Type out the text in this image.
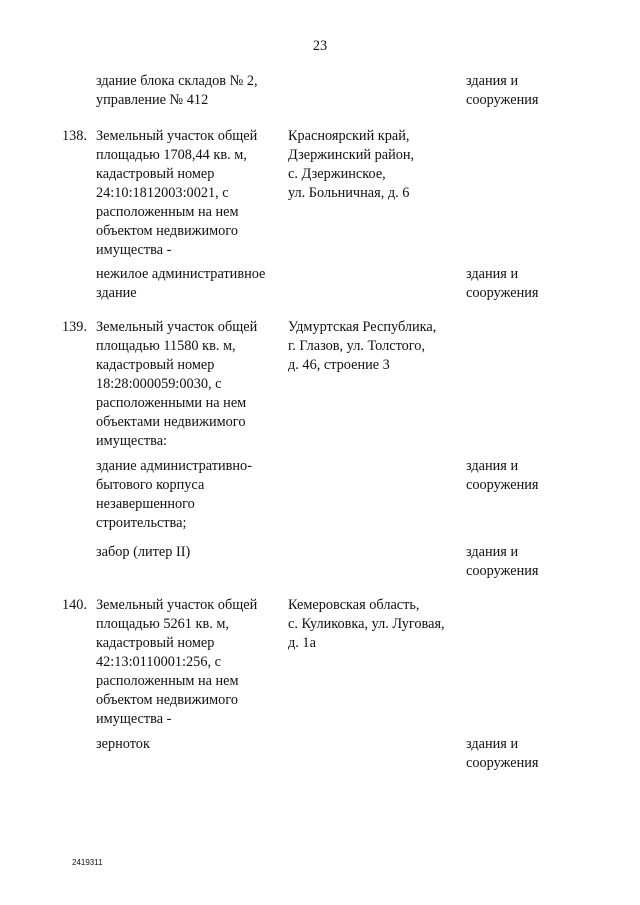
23
здание блока складов № 2,
управление № 412
здания и
сооружения
138. Земельный участок общей
площадью 1708,44 кв. м,
кадастровый номер
24:10:1812003:0021, с
расположенным на нем
объектом недвижимого
имущества -
Красноярский край,
Дзержинский район,
с. Дзержинское,
ул. Больничная, д. 6
нежилое административное
здание
здания и
сооружения
139. Земельный участок общей
площадью 11580 кв. м,
кадастровый номер
18:28:000059:0030, с
расположенными на нем
объектами недвижимого
имущества:
Удмуртская Республика,
г. Глазов, ул. Толстого,
д. 46, строение 3
здание административно-
бытового корпуса
незавершенного
строительства;
здания и
сооружения
забор (литер II)	здания и
сооружения
140. Земельный участок общей
площадью 5261 кв. м,
кадастровый номер
42:13:0110001:256, с
расположенным на нем
объектом недвижимого
имущества -
Кемеровская область,
с. Куликовка, ул. Луговая,
д. 1а
зерноток	здания и
сооружения
2419311
